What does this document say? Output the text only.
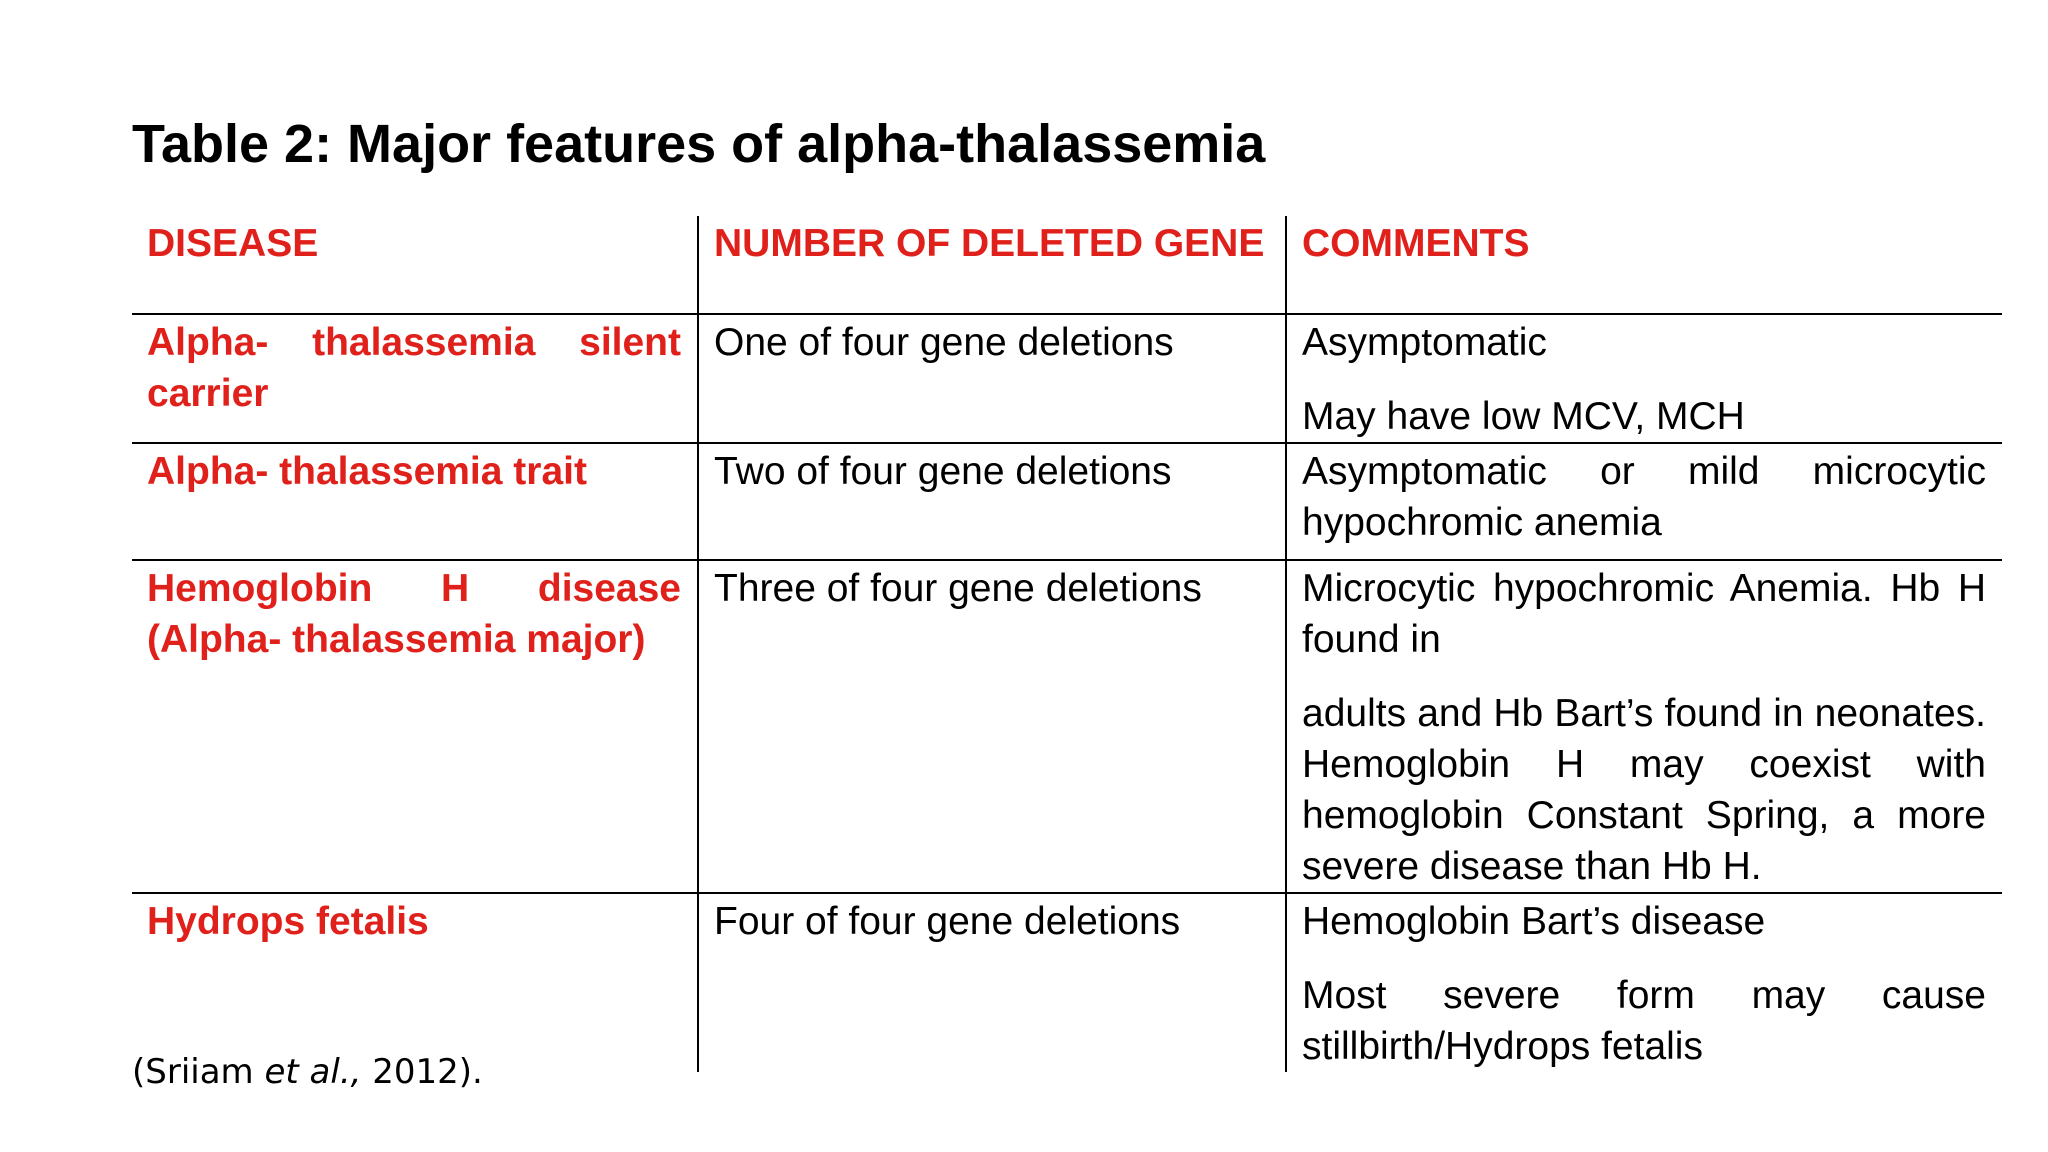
Table 2: Major features of alpha-thalassemia
DISEASE	NUMBER OF DELETED GENE	COMMENTS
Alpha- thalassemia silent carrier	One of four gene deletions	Asymptomatic

May have low MCV, MCH

Alpha- thalassemia trait	Two of four gene deletions	Asymptomatic or mild microcytic hypochromic anemia

Hemoglobin H disease (Alpha- thalassemia major)	Three of four gene deletions	Microcytic hypochromic Anemia. Hb H found in

adults and Hb Bart’s found in neonates. Hemoglobin H may coexist with hemoglobin Constant Spring, a more severe disease than Hb H.

Hydrops fetalis	Four of four gene deletions	Hemoglobin Bart’s disease

Most severe form may cause stillbirth/Hydrops fetalis

(Sriiam et al., 2012).
